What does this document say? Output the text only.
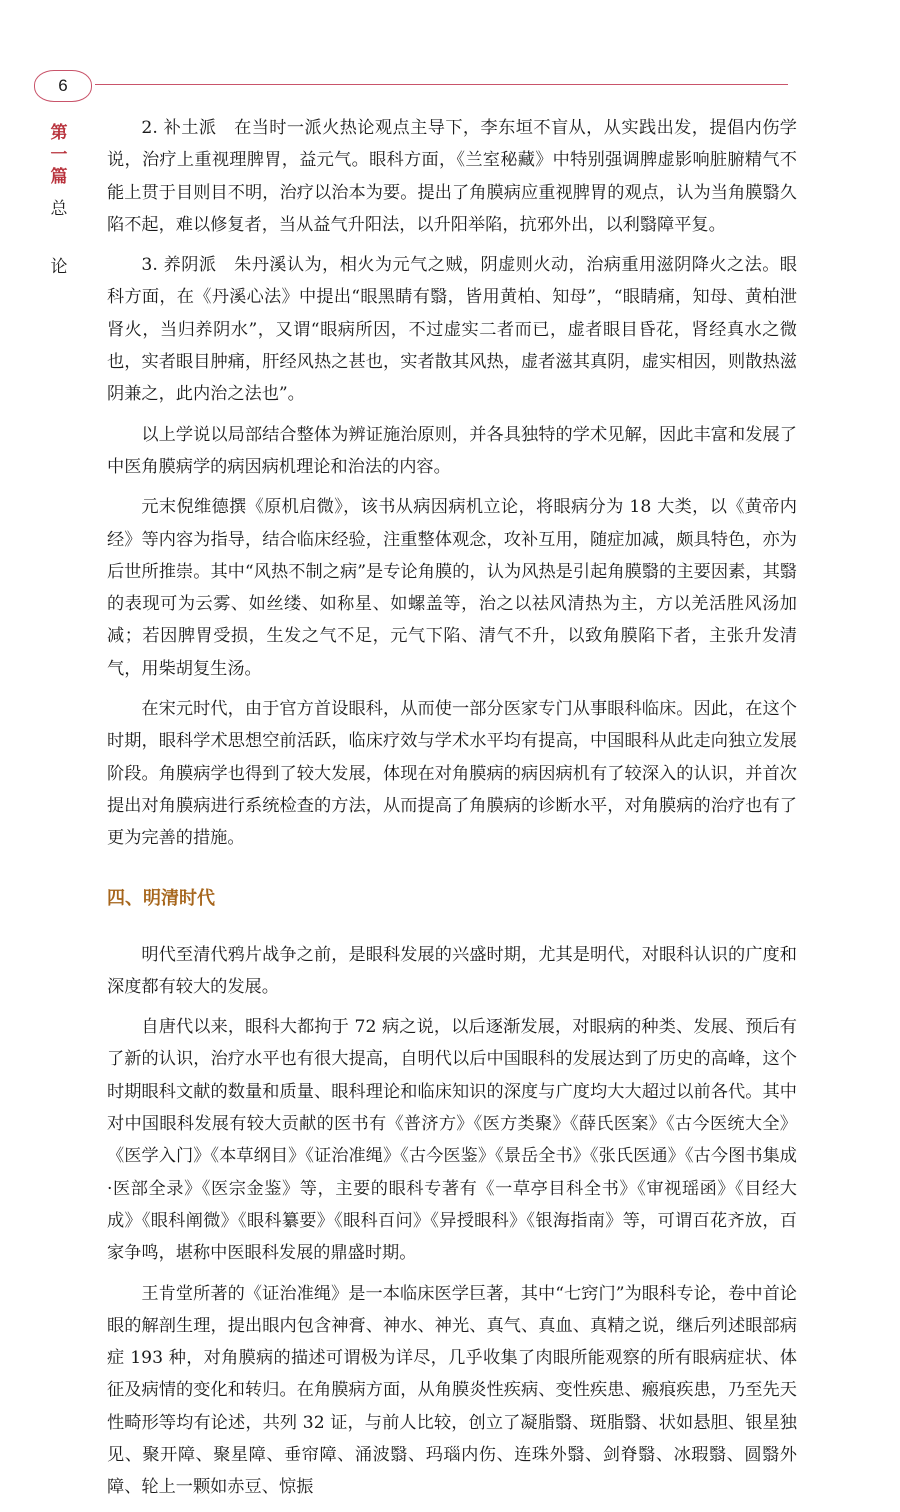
6
第
一
篇
总
论

2. 补土派　在当时一派火热论观点主导下，李东垣不盲从，从实践出发，提倡内伤学说，治疗上重视理脾胃，益元气。眼科方面，《兰室秘藏》中特别强调脾虚影响脏腑精气不能上贯于目则目不明，治疗以治本为要。提出了角膜病应重视脾胃的观点，认为当角膜翳久陷不起，难以修复者，当从益气升阳法，以升阳举陷，抗邪外出，以利翳障平复。

3. 养阴派　朱丹溪认为，相火为元气之贼，阴虚则火动，治病重用滋阴降火之法。眼科方面，在《丹溪心法》中提出“眼黑睛有翳，皆用黄柏、知母”，“眼睛痛，知母、黄柏泄肾火，当归养阴水”，又谓“眼病所因，不过虚实二者而已，虚者眼目昏花，肾经真水之微也，实者眼目肿痛，肝经风热之甚也，实者散其风热，虚者滋其真阴，虚实相因，则散热滋阴兼之，此内治之法也”。

以上学说以局部结合整体为辨证施治原则，并各具独特的学术见解，因此丰富和发展了中医角膜病学的病因病机理论和治法的内容。

元末倪维德撰《原机启微》，该书从病因病机立论，将眼病分为 18 大类，以《黄帝内经》等内容为指导，结合临床经验，注重整体观念，攻补互用，随症加减，颇具特色，亦为后世所推崇。其中“风热不制之病”是专论角膜的，认为风热是引起角膜翳的主要因素，其翳的表现可为云雾、如丝缕、如称星、如螺盖等，治之以祛风清热为主，方以羌活胜风汤加减；若因脾胃受损，生发之气不足，元气下陷、清气不升，以致角膜陷下者，主张升发清气，用柴胡复生汤。

在宋元时代，由于官方首设眼科，从而使一部分医家专门从事眼科临床。因此，在这个时期，眼科学术思想空前活跃，临床疗效与学术水平均有提高，中国眼科从此走向独立发展阶段。角膜病学也得到了较大发展，体现在对角膜病的病因病机有了较深入的认识，并首次提出对角膜病进行系统检查的方法，从而提高了角膜病的诊断水平，对角膜病的治疗也有了更为完善的措施。

四、明清时代

明代至清代鸦片战争之前，是眼科发展的兴盛时期，尤其是明代，对眼科认识的广度和深度都有较大的发展。

自唐代以来，眼科大都拘于 72 病之说，以后逐渐发展，对眼病的种类、发展、预后有了新的认识，治疗水平也有很大提高，自明代以后中国眼科的发展达到了历史的高峰，这个时期眼科文献的数量和质量、眼科理论和临床知识的深度与广度均大大超过以前各代。其中对中国眼科发展有较大贡献的医书有《普济方》《医方类聚》《薛氏医案》《古今医统大全》《医学入门》《本草纲目》《证治准绳》《古今医鉴》《景岳全书》《张氏医通》《古今图书集成·医部全录》《医宗金鉴》等，主要的眼科专著有《一草亭目科全书》《审视瑶函》《目经大成》《眼科阐微》《眼科纂要》《眼科百问》《异授眼科》《银海指南》等，可谓百花齐放，百家争鸣，堪称中医眼科发展的鼎盛时期。

王肯堂所著的《证治准绳》是一本临床医学巨著，其中“七窍门”为眼科专论，卷中首论眼的解剖生理，提出眼内包含神膏、神水、神光、真气、真血、真精之说，继后列述眼部病症 193 种，对角膜病的描述可谓极为详尽，几乎收集了肉眼所能观察的所有眼病症状、体征及病情的变化和转归。在角膜病方面，从角膜炎性疾病、变性疾患、瘢痕疾患，乃至先天性畸形等均有论述，共列 32 证，与前人比较，创立了凝脂翳、斑脂翳、状如悬胆、银星独见、聚开障、聚星障、垂帘障、涌波翳、玛瑙内伤、连珠外翳、剑脊翳、冰瑕翳、圆翳外障、轮上一颗如赤豆、惊振
